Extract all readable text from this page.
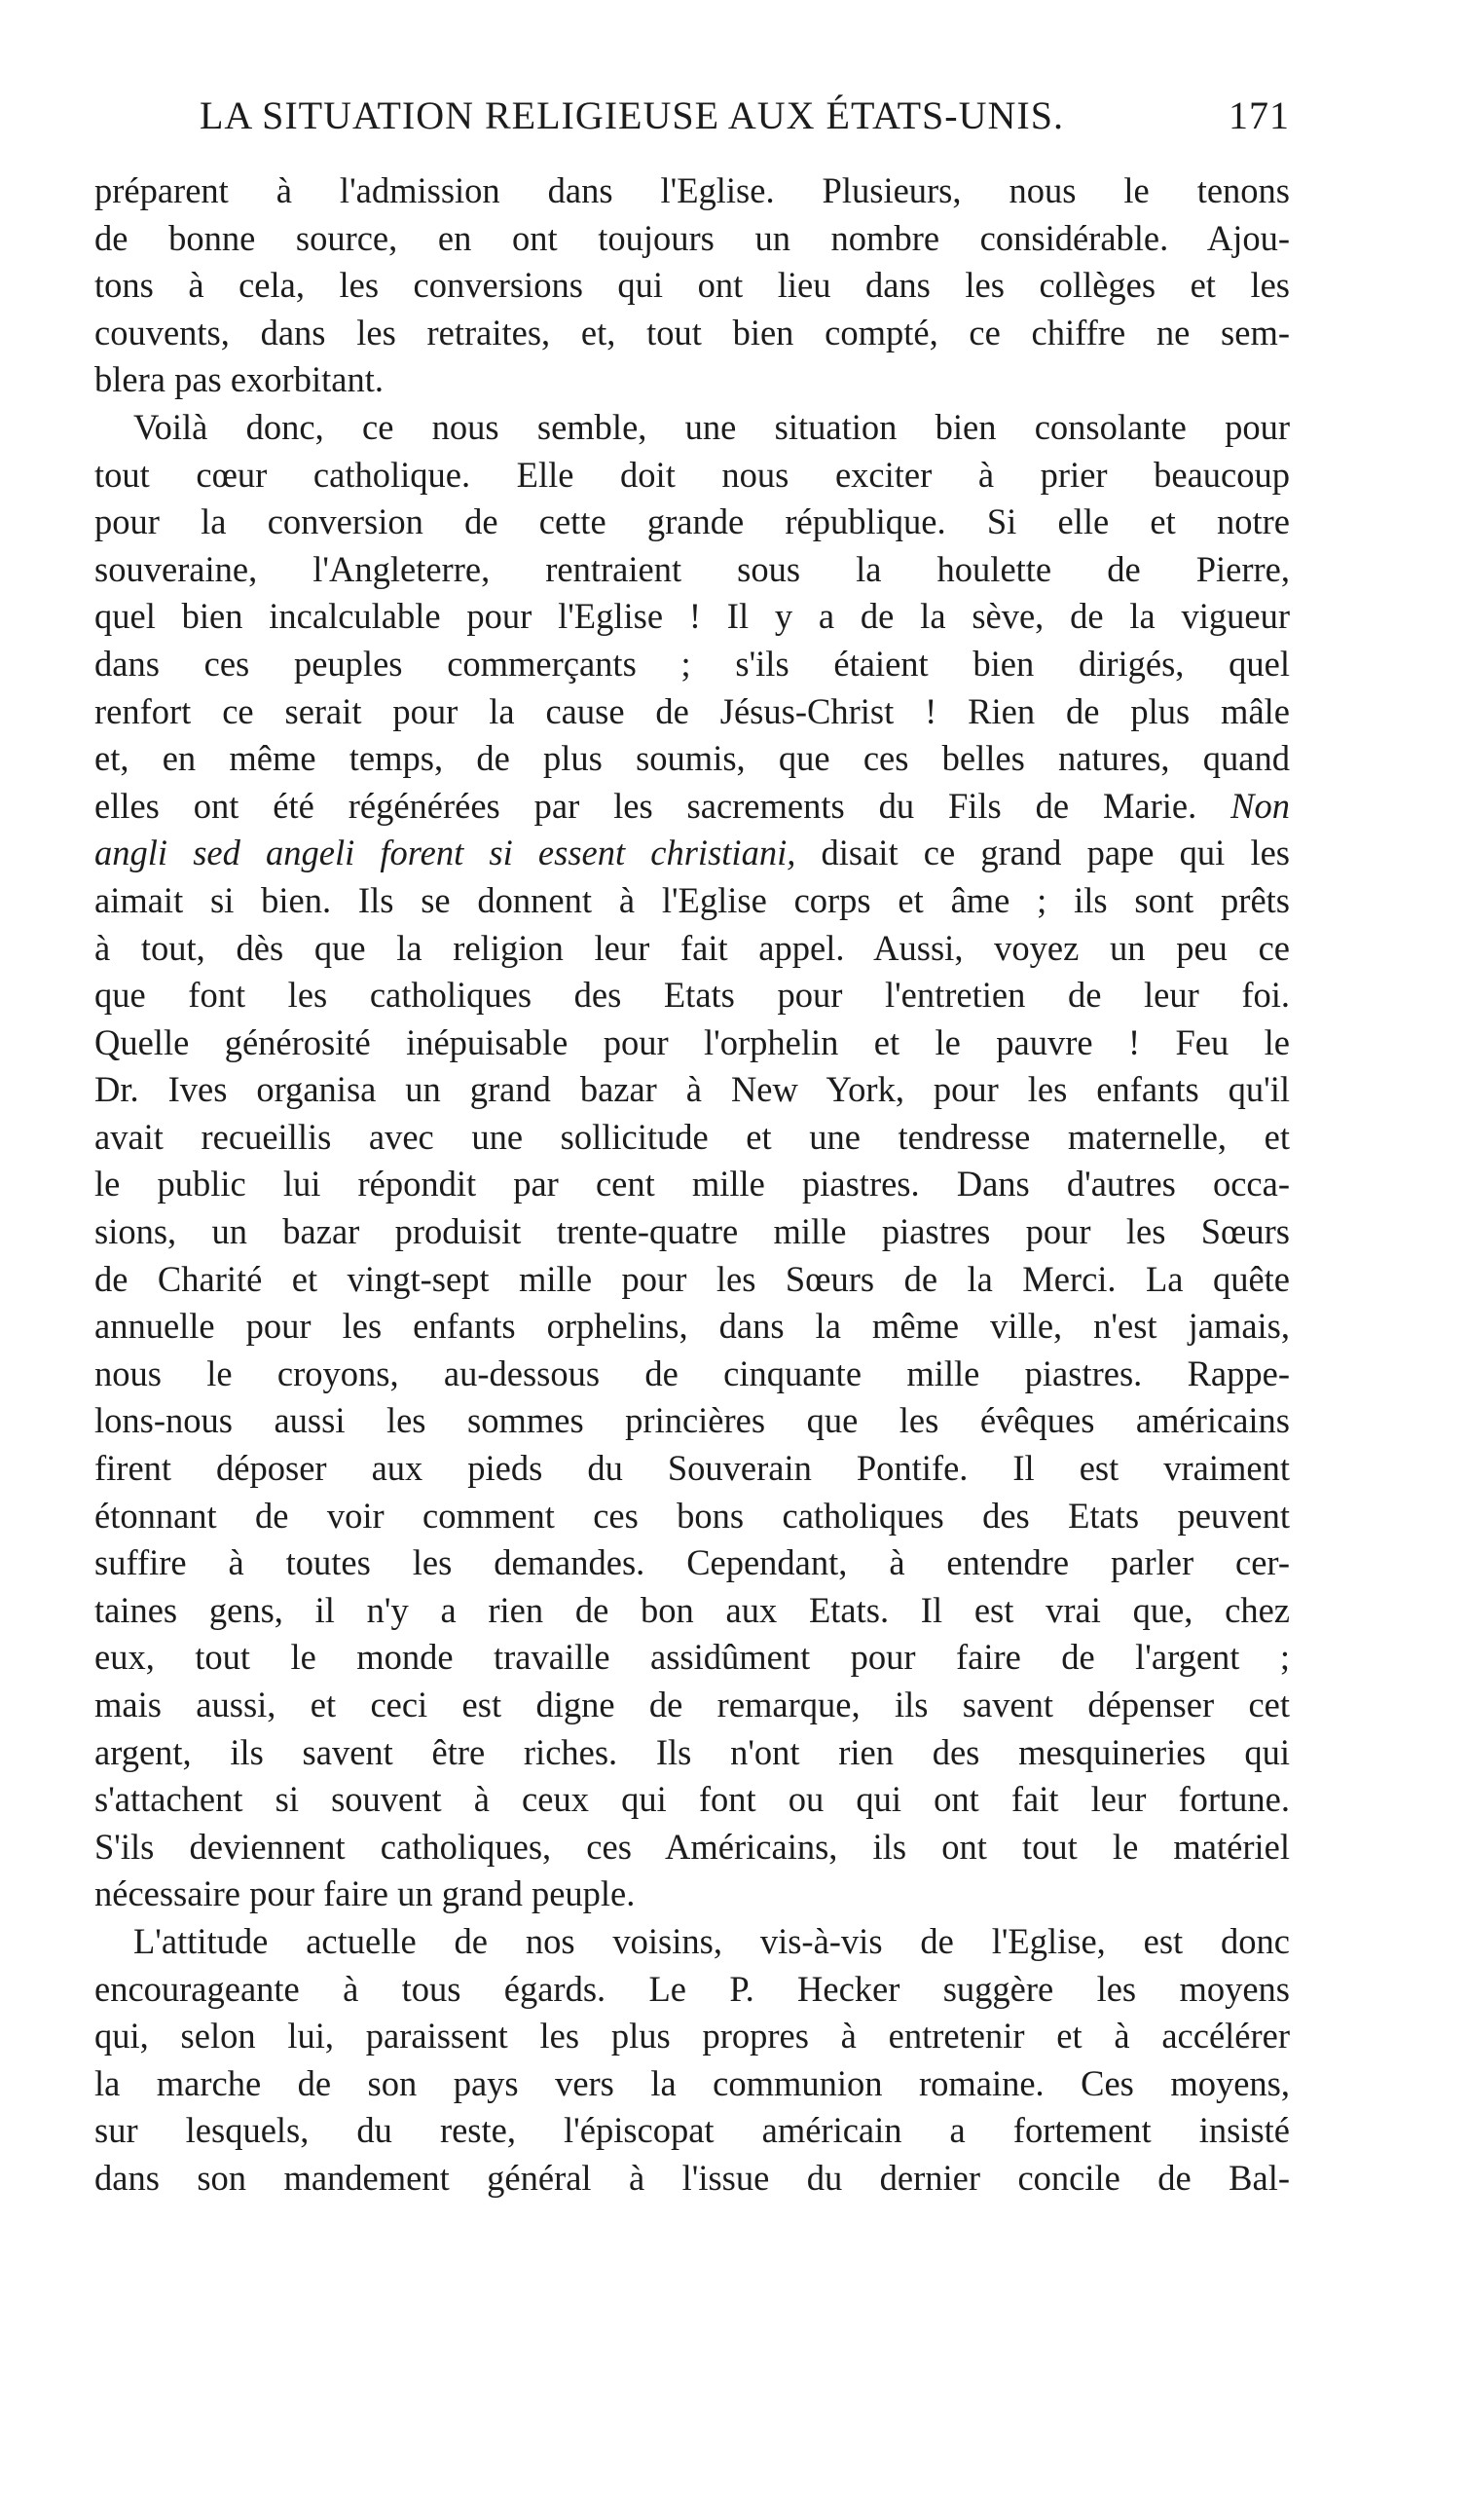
LA SITUATION RELIGIEUSE AUX ÉTATS-UNIS.	171
préparent à l'admission dans l'Eglise. Plusieurs, nous le tenons
de bonne source, en ont toujours un nombre considérable. Ajou-
tons à cela, les conversions qui ont lieu dans les collèges et les
couvents, dans les retraites, et, tout bien compté, ce chiffre ne sem-
blera pas exorbitant.
Voilà donc, ce nous semble, une situation bien consolante pour
tout cœur catholique. Elle doit nous exciter à prier beaucoup
pour la conversion de cette grande république. Si elle et notre
souveraine, l'Angleterre, rentraient sous la houlette de Pierre,
quel bien incalculable pour l'Eglise ! Il y a de la sève, de la vigueur
dans ces peuples commerçants ; s'ils étaient bien dirigés, quel
renfort ce serait pour la cause de Jésus-Christ ! Rien de plus mâle
et, en même temps, de plus soumis, que ces belles natures, quand
elles ont été régénérées par les sacrements du Fils de Marie. Non
angli sed angeli forent si essent christiani, disait ce grand pape qui les
aimait si bien. Ils se donnent à l'Eglise corps et âme ; ils sont prêts
à tout, dès que la religion leur fait appel. Aussi, voyez un peu ce
que font les catholiques des Etats pour l'entretien de leur foi.
Quelle générosité inépuisable pour l'orphelin et le pauvre ! Feu le
Dr. Ives organisa un grand bazar à New York, pour les enfants qu'il
avait recueillis avec une sollicitude et une tendresse maternelle, et
le public lui répondit par cent mille piastres. Dans d'autres occa-
sions, un bazar produisit trente-quatre mille piastres pour les Sœurs
de Charité et vingt-sept mille pour les Sœurs de la Merci. La quête
annuelle pour les enfants orphelins, dans la même ville, n'est jamais,
nous le croyons, au-dessous de cinquante mille piastres. Rappe-
lons-nous aussi les sommes princières que les évêques américains
firent déposer aux pieds du Souverain Pontife. Il est vraiment
étonnant de voir comment ces bons catholiques des Etats peuvent
suffire à toutes les demandes. Cependant, à entendre parler cer-
taines gens, il n'y a rien de bon aux Etats. Il est vrai que, chez
eux, tout le monde travaille assidûment pour faire de l'argent ;
mais aussi, et ceci est digne de remarque, ils savent dépenser cet
argent, ils savent être riches. Ils n'ont rien des mesquineries qui
s'attachent si souvent à ceux qui font ou qui ont fait leur fortune.
S'ils deviennent catholiques, ces Américains, ils ont tout le matériel
nécessaire pour faire un grand peuple.
L'attitude actuelle de nos voisins, vis-à-vis de l'Eglise, est donc
encourageante à tous égards. Le P. Hecker suggère les moyens
qui, selon lui, paraissent les plus propres à entretenir et à accélérer
la marche de son pays vers la communion romaine. Ces moyens,
sur lesquels, du reste, l'épiscopat américain a fortement insisté
dans son mandement général à l'issue du dernier concile de Bal-
